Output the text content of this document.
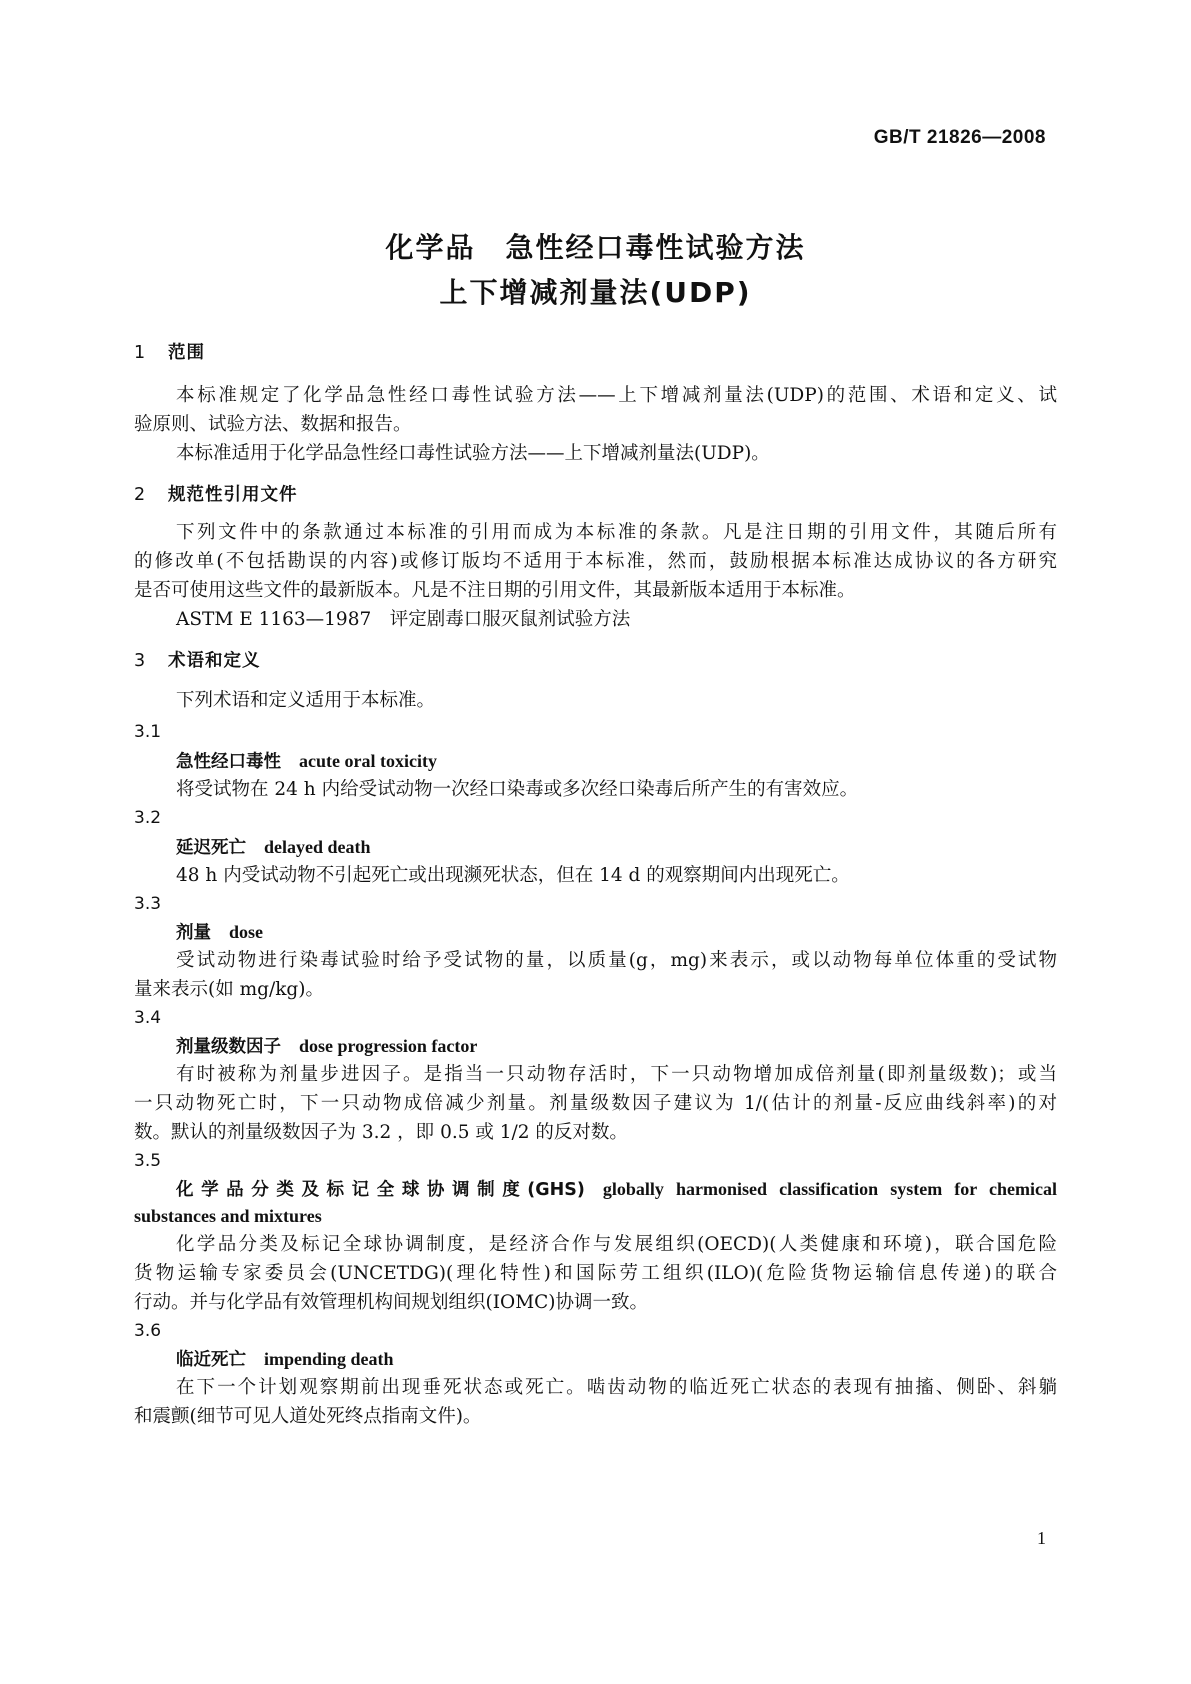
GB/T 21826—2008
化学品　急性经口毒性试验方法
上下增减剂量法(UDP)
1 范围
本标准规定了化学品急性经口毒性试验方法——上下增减剂量法(UDP)的范围、术语和定义、试
验原则、试验方法、数据和报告。
本标准适用于化学品急性经口毒性试验方法——上下增减剂量法(UDP)。
2 规范性引用文件
下列文件中的条款通过本标准的引用而成为本标准的条款。凡是注日期的引用文件，其随后所有
的修改单(不包括勘误的内容)或修订版均不适用于本标准，然而，鼓励根据本标准达成协议的各方研究
是否可使用这些文件的最新版本。凡是不注日期的引用文件，其最新版本适用于本标准。
ASTM E 1163—1987　评定剧毒口服灭鼠剂试验方法
3 术语和定义
下列术语和定义适用于本标准。
3.1
急性经口毒性 acute oral toxicity
将受试物在 24 h 内给受试动物一次经口染毒或多次经口染毒后所产生的有害效应。
3.2
延迟死亡 delayed death
48 h 内受试动物不引起死亡或出现濒死状态，但在 14 d 的观察期间内出现死亡。
3.3
剂量 dose
受试动物进行染毒试验时给予受试物的量，以质量(g，mg)来表示，或以动物每单位体重的受试物
量来表示(如 mg/kg)。
3.4
剂量级数因子 dose progression factor
有时被称为剂量步进因子。是指当一只动物存活时，下一只动物增加成倍剂量(即剂量级数)；或当
一只动物死亡时，下一只动物成倍减少剂量。剂量级数因子建议为 1/(估计的剂量-反应曲线斜率)的对
数。默认的剂量级数因子为 3.2 ，即 0.5 或 1/2 的反对数。
3.5
化学品分类及标记全球协调制度(GHS) globally harmonised classification system for chemical
substances and mixtures
化学品分类及标记全球协调制度，是经济合作与发展组织(OECD)(人类健康和环境)，联合国危险
货物运输专家委员会(UNCETDG)(理化特性)和国际劳工组织(ILO)(危险货物运输信息传递)的联合
行动。并与化学品有效管理机构间规划组织(IOMC)协调一致。
3.6
临近死亡 impending death
在下一个计划观察期前出现垂死状态或死亡。啮齿动物的临近死亡状态的表现有抽搐、侧卧、斜躺
和震颤(细节可见人道处死终点指南文件)。
1
